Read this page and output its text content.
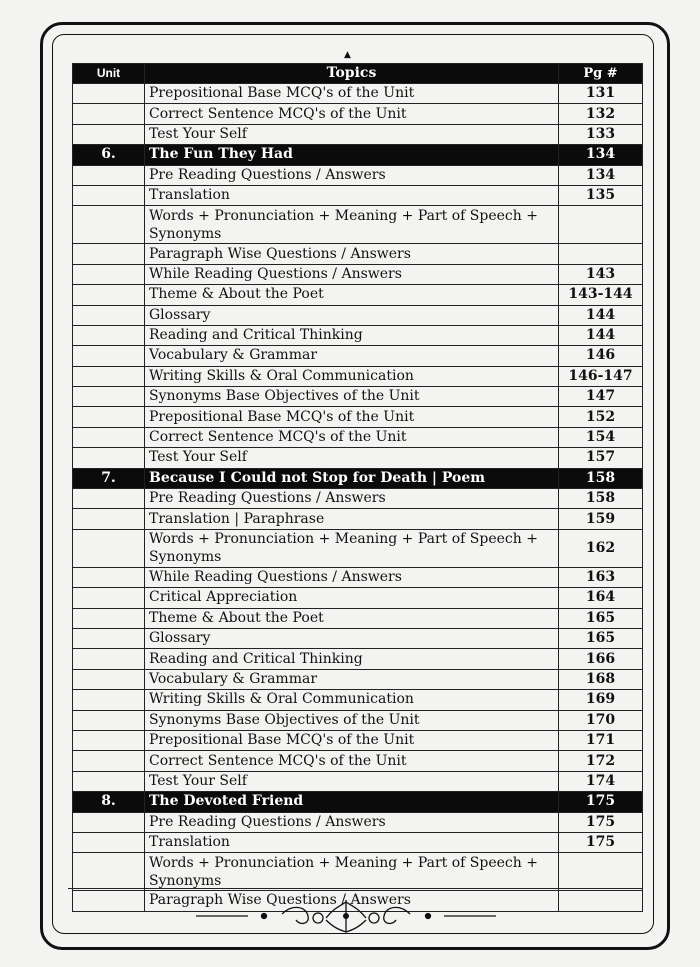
▲
Unit	Topics	Pg #
	Prepositional Base MCQ's of the Unit	131
	Correct Sentence MCQ's of the Unit	132
	Test Your Self	133
6.	The Fun They Had	134
	Pre Reading Questions / Answers	134
	Translation	135
	Words + Pronunciation + Meaning + Part of Speech + Synonyms	
	Paragraph Wise Questions / Answers	
	While Reading Questions / Answers	143
	Theme & About the Poet	143-144
	Glossary	144
	Reading and Critical Thinking	144
	Vocabulary & Grammar	146
	Writing Skills & Oral Communication	146-147
	Synonyms Base Objectives of the Unit	147
	Prepositional Base MCQ's of the Unit	152
	Correct Sentence MCQ's of the Unit	154
	Test Your Self	157
7.	Because I Could not Stop for Death | Poem	158
	Pre Reading Questions / Answers	158
	Translation | Paraphrase	159
	Words + Pronunciation + Meaning + Part of Speech + Synonyms	162
	While Reading Questions / Answers	163
	Critical Appreciation	164
	Theme & About the Poet	165
	Glossary	165
	Reading and Critical Thinking	166
	Vocabulary & Grammar	168
	Writing Skills & Oral Communication	169
	Synonyms Base Objectives of the Unit	170
	Prepositional Base MCQ's of the Unit	171
	Correct Sentence MCQ's of the Unit	172
	Test Your Self	174
8.	The Devoted Friend	175
	Pre Reading Questions / Answers	175
	Translation	175
	Words + Pronunciation + Meaning + Part of Speech + Synonyms	
	Paragraph Wise Questions / Answers	
